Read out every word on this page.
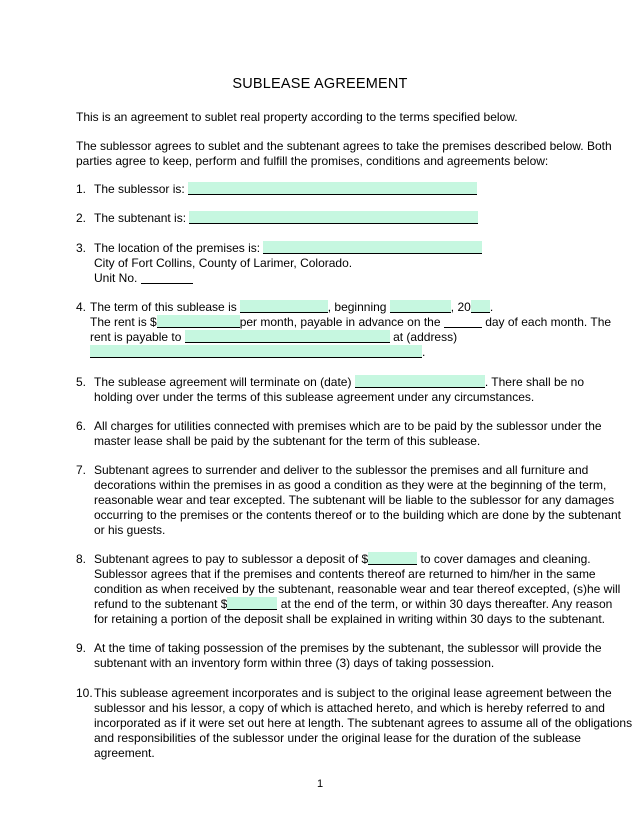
SUBLEASE AGREEMENT
This is an agreement to sublet real property according to the terms specified below.
The sublessor agrees to sublet and the subtenant agrees to take the premises described below. Both
parties agree to keep, perform and fulfill the promises, conditions and agreements below:
1. The sublessor is:
2. The subtenant is:
3. The location of the premises is:
City of Fort Collins, County of Larimer, Colorado.
Unit No.
4. The term of this sublease is	, beginning	, 20 .
The rent is $	per month, payable in advance on the	day of each month. The
rent is payable to	at (address)
.
5. The sublease agreement will terminate on (date)	. There shall be no
holding over under the terms of this sublease agreement under any circumstances.
6. All charges for utilities connected with premises which are to be paid by the sublessor under the
master lease shall be paid by the subtenant for the term of this sublease.
7. Subtenant agrees to surrender and deliver to the sublessor the premises and all furniture and
decorations within the premises in as good a condition as they were at the beginning of the term,
reasonable wear and tear excepted. The subtenant will be liable to the sublessor for any damages
occurring to the premises or the contents thereof or to the building which are done by the subtenant
or his guests.
8. Subtenant agrees to pay to sublessor a deposit of $	to cover damages and cleaning.
Sublessor agrees that if the premises and contents thereof are returned to him/her in the same
condition as when received by the subtenant, reasonable wear and tear thereof excepted, (s)he will
refund to the subtenant $	at the end of the term, or within 30 days thereafter. Any reason
for retaining a portion of the deposit shall be explained in writing within 30 days to the subtenant.
9. At the time of taking possession of the premises by the subtenant, the sublessor will provide the
subtenant with an inventory form within three (3) days of taking possession.
10. This sublease agreement incorporates and is subject to the original lease agreement between the
sublessor and his lessor, a copy of which is attached hereto, and which is hereby referred to and
incorporated as if it were set out here at length. The subtenant agrees to assume all of the obligations
and responsibilities of the sublessor under the original lease for the duration of the sublease
agreement.
1
